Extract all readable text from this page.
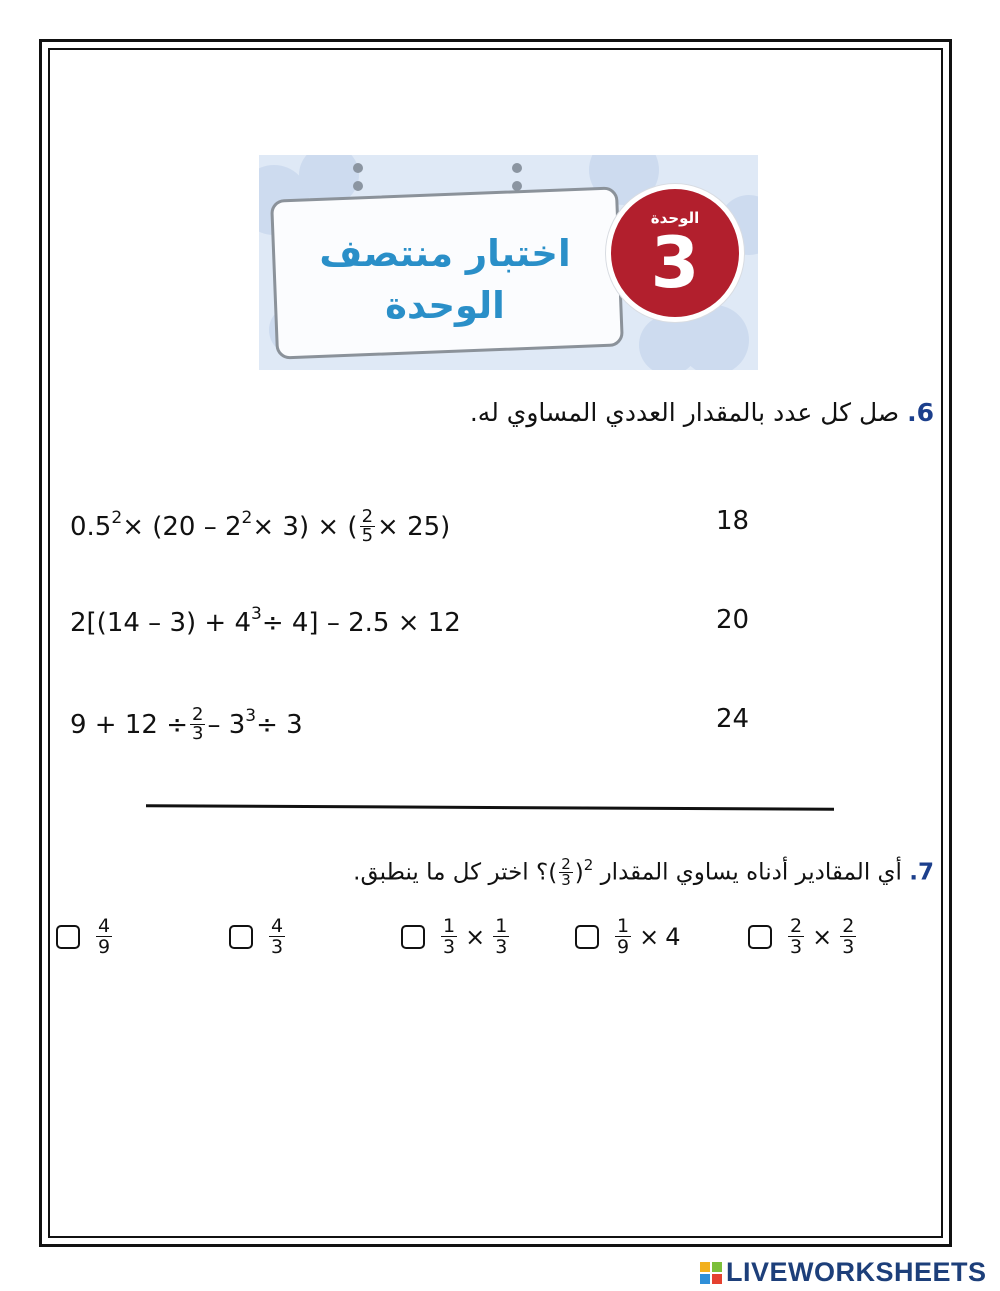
اختبار منتصف
الوحدة
الوحدة
3
6. صل كل عدد بالمقدار العددي المساوي له.
0.5 2 × (20 – 2 2 × 3) × ( $\frac{2}{5} \times 25$)	18
2[(14 – 3) + 4 3 ÷ 4] – 2.5 × 12	20
$9 + 12 \div \frac{2}{3} - 3$ 3 ÷ 3	24
7. أي المقادير أدناه يساوي المقدار ( $\frac{2}{3}$ ) 2
؟ اختر كل ما ينطبق.
$\frac{4}{9}$	$\frac{4}{3}$	$\frac{1}{3} \times \frac{1}{3}$	$\frac{1}{9} \times 4$	$\frac{2}{3} \times \frac{2}{3}$
LIVEWORKSHEETS
